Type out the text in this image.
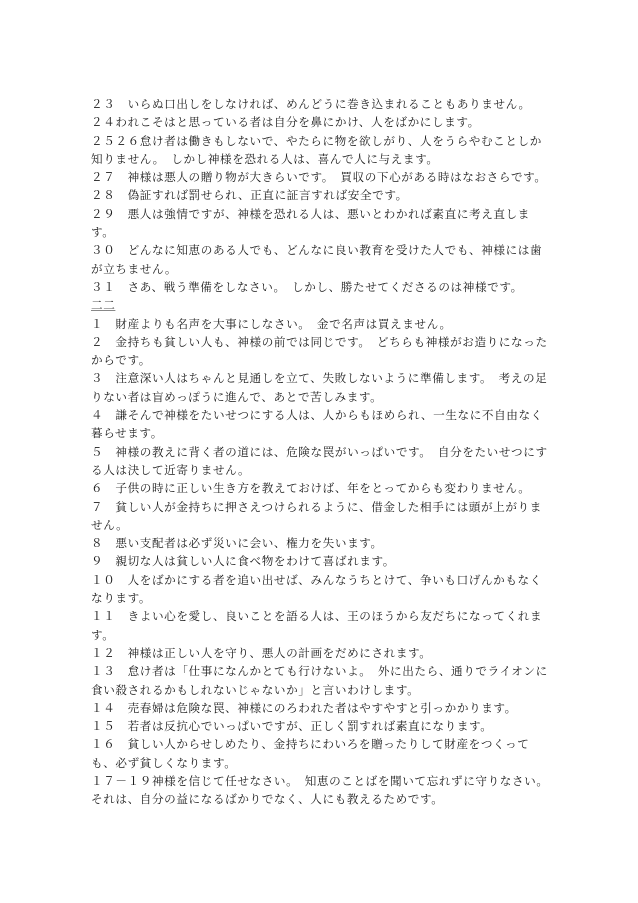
２３　いらぬ口出しをしなければ、めんどうに巻き込まれることもありません。

２４われこそはと思っている者は自分を鼻にかけ、人をばかにします。

２５２６怠け者は働きもしないで、やたらに物を欲しがり、人をうらやむことしか知りません。　しかし神様を恐れる人は、喜んで人に与えます。

２７　神様は悪人の贈り物が大きらいです。　買収の下心がある時はなおさらです。

２８　偽証すれば罰せられ、正直に証言すれば安全です。

２９　悪人は強情ですが、神様を恐れる人は、悪いとわかれば素直に考え直します。

３０　どんなに知恵のある人でも、どんなに良い教育を受けた人でも、神様には歯が立ちません。

３１　さあ、戦う準備をしなさい。　しかし、勝たせてくださるのは神様です。

二二

１　財産よりも名声を大事にしなさい。　金で名声は買えません。

２　金持ちも貧しい人も、神様の前では同じです。　どちらも神様がお造りになったからです。

３　注意深い人はちゃんと見通しを立て、失敗しないように準備します。　考えの足りない者は盲めっぽうに進んで、あとで苦しみます。

４　謙そんで神様をたいせつにする人は、人からもほめられ、一生なに不自由なく暮らせます。

５　神様の教えに背く者の道には、危険な罠がいっぱいです。　自分をたいせつにする人は決して近寄りません。

６　子供の時に正しい生き方を教えておけば、年をとってからも変わりません。

７　貧しい人が金持ちに押さえつけられるように、借金した相手には頭が上がりません。

８　悪い支配者は必ず災いに会い、権力を失います。

９　親切な人は貧しい人に食べ物をわけて喜ばれます。

１０　人をばかにする者を追い出せば、みんなうちとけて、争いも口げんかもなくなります。

１１　きよい心を愛し、良いことを語る人は、王のほうから友だちになってくれます。

１２　神様は正しい人を守り、悪人の計画をだめにされます。

１３　怠け者は「仕事になんかとても行けないよ。　外に出たら、通りでライオンに食い殺されるかもしれないじゃないか」と言いわけします。

１４　売春婦は危険な罠、神様にのろわれた者はやすやすと引っかかります。

１５　若者は反抗心でいっぱいですが、正しく罰すれば素直になります。

１６　貧しい人からせしめたり、金持ちにわいろを贈ったりして財産をつくっても、必ず貧しくなります。

１７－１９神様を信じて任せなさい。　知恵のことばを聞いて忘れずに守りなさい。　それは、自分の益になるばかりでなく、人にも教えるためです。
